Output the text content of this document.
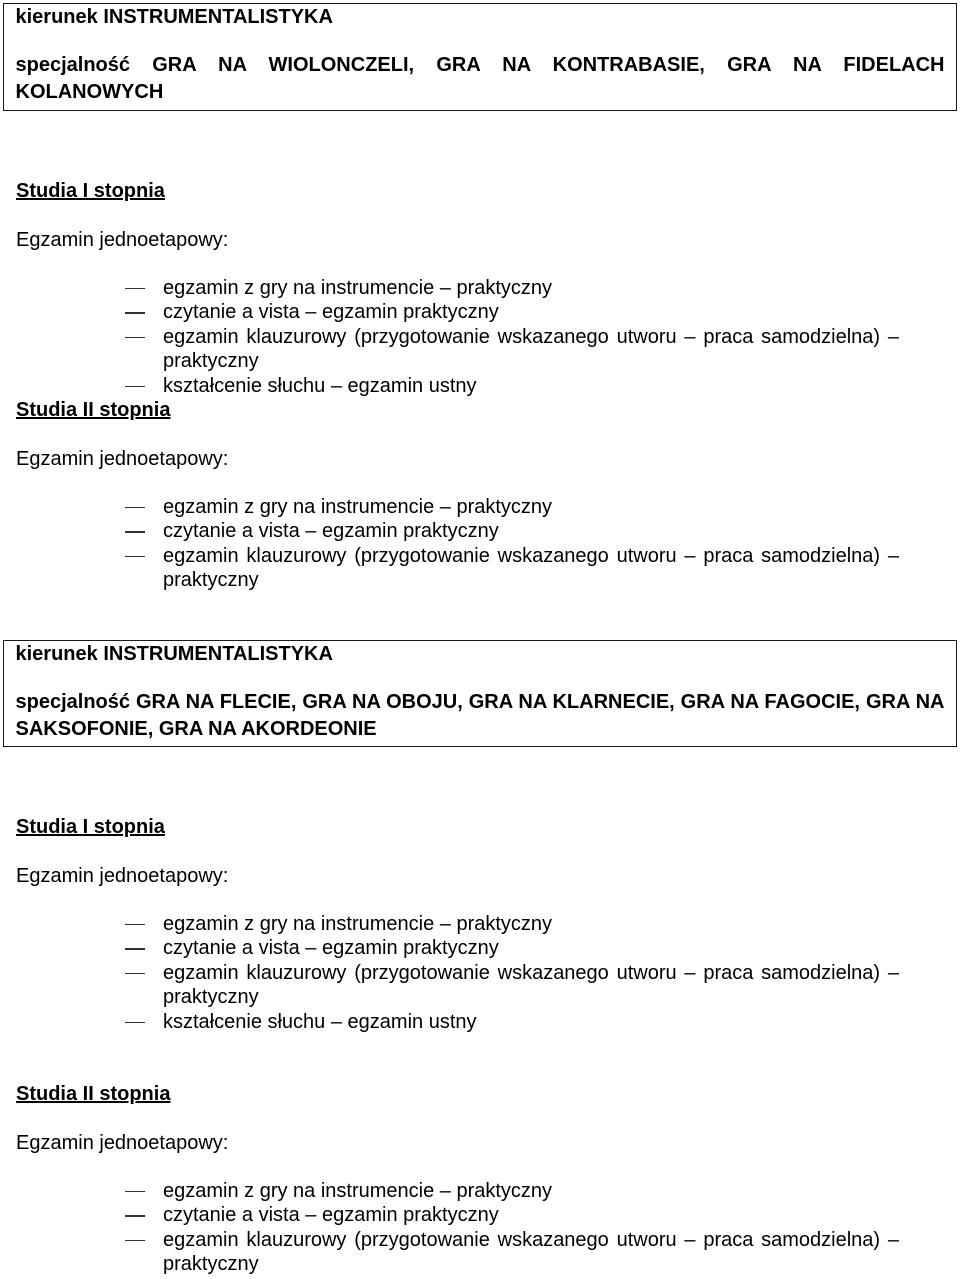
kierunek INSTRUMENTALISTYKA
specjalność GRA NA WIOLONCZELI, GRA NA KONTRABASIE, GRA NA FIDELACH KOLANOWYCH
Studia I stopnia
Egzamin jednoetapowy:
egzamin z gry na instrumencie – praktyczny
czytanie a vista – egzamin praktyczny
egzamin klauzurowy (przygotowanie wskazanego utworu – praca samodzielna) – praktyczny
kształcenie słuchu – egzamin ustny
Studia II stopnia
Egzamin jednoetapowy:
egzamin z gry na instrumencie – praktyczny
czytanie a vista – egzamin praktyczny
egzamin klauzurowy (przygotowanie wskazanego utworu – praca samodzielna) – praktyczny
kierunek INSTRUMENTALISTYKA
specjalność GRA NA FLECIE, GRA NA OBOJU, GRA NA KLARNECIE, GRA NA FAGOCIE, GRA NA SAKSOFONIE, GRA NA AKORDEONIE
Studia I stopnia
Egzamin jednoetapowy:
egzamin z gry na instrumencie – praktyczny
czytanie a vista – egzamin praktyczny
egzamin klauzurowy (przygotowanie wskazanego utworu – praca samodzielna) – praktyczny
kształcenie słuchu – egzamin ustny
Studia II stopnia
Egzamin jednoetapowy:
egzamin z gry na instrumencie – praktyczny
czytanie a vista – egzamin praktyczny
egzamin klauzurowy (przygotowanie wskazanego utworu – praca samodzielna) – praktyczny
